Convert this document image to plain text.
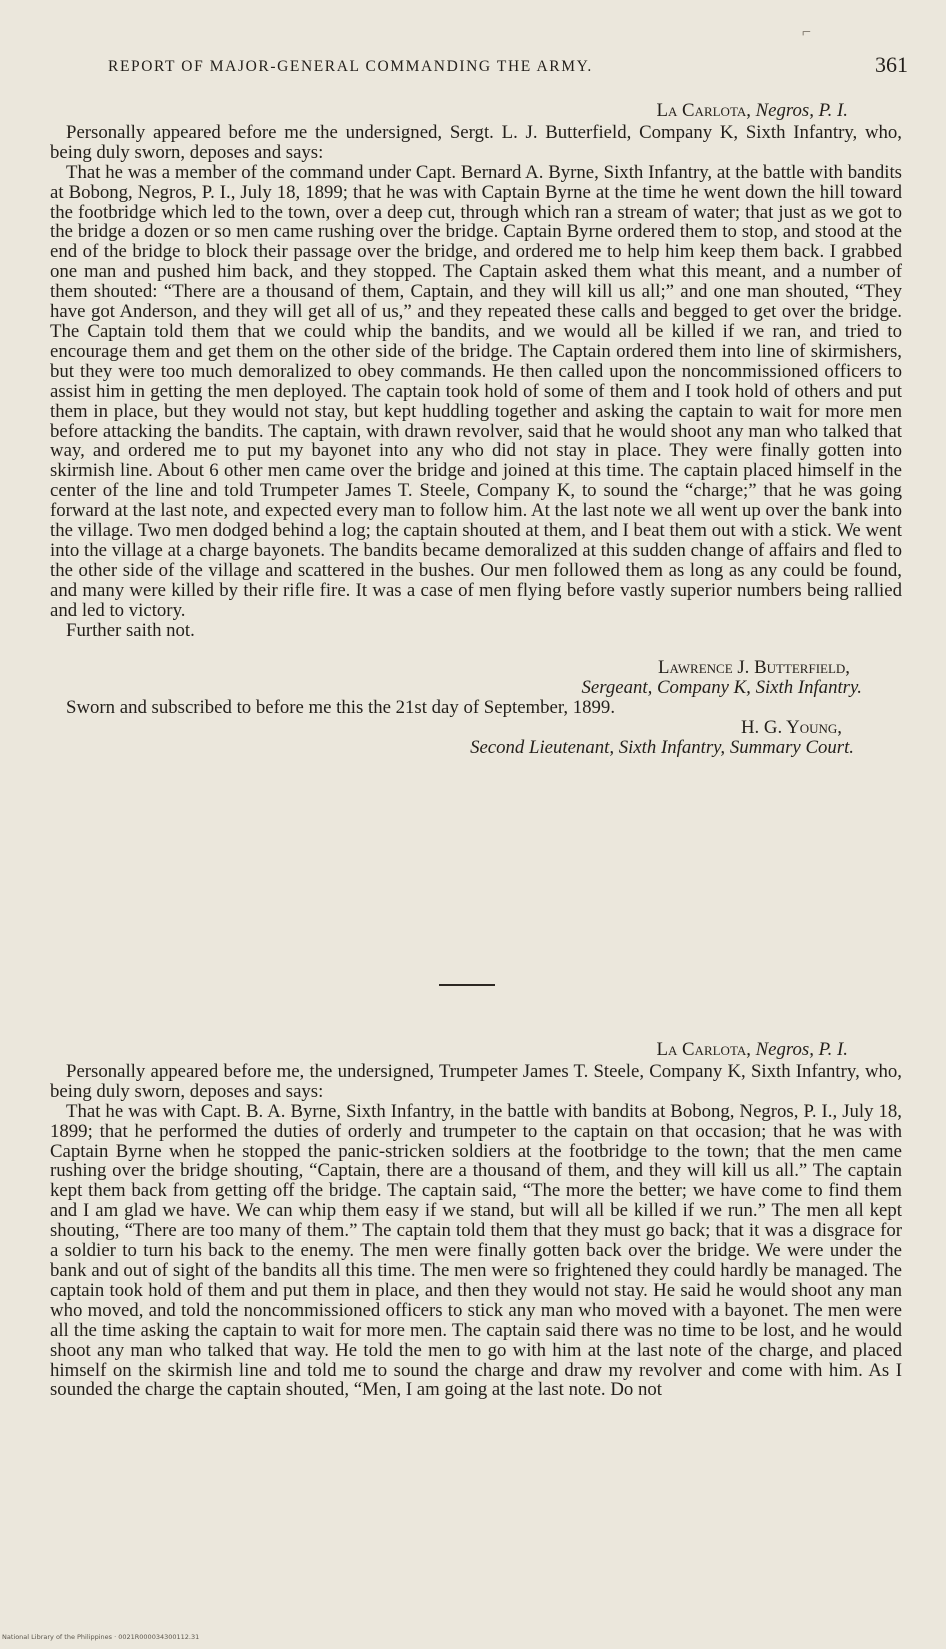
⌐
REPORT OF MAJOR-GENERAL COMMANDING THE ARMY.	361
La Carlota, Negros, P. I.

Personally appeared before me the undersigned, Sergt. L. J. Butterfield, Company K, Sixth Infantry, who, being duly sworn, deposes and says:

That he was a member of the command under Capt. Bernard A. Byrne, Sixth Infantry, at the battle with bandits at Bobong, Negros, P. I., July 18, 1899; that he was with Captain Byrne at the time he went down the hill toward the footbridge which led to the town, over a deep cut, through which ran a stream of water; that just as we got to the bridge a dozen or so men came rushing over the bridge. Captain Byrne ordered them to stop, and stood at the end of the bridge to block their passage over the bridge, and ordered me to help him keep them back. I grabbed one man and pushed him back, and they stopped. The Captain asked them what this meant, and a number of them shouted: “There are a thousand of them, Captain, and they will kill us all;” and one man shouted, “They have got Anderson, and they will get all of us,” and they repeated these calls and begged to get over the bridge. The Captain told them that we could whip the bandits, and we would all be killed if we ran, and tried to encourage them and get them on the other side of the bridge. The Captain ordered them into line of skirmishers, but they were too much demoralized to obey commands. He then called upon the noncommissioned officers to assist him in getting the men deployed. The captain took hold of some of them and I took hold of others and put them in place, but they would not stay, but kept huddling together and asking the captain to wait for more men before attacking the bandits. The captain, with drawn revolver, said that he would shoot any man who talked that way, and ordered me to put my bayonet into any who did not stay in place. They were finally gotten into skirmish line. About 6 other men came over the bridge and joined at this time. The captain placed himself in the center of the line and told Trumpeter James T. Steele, Company K, to sound the “charge;” that he was going forward at the last note, and expected every man to follow him. At the last note we all went up over the bank into the village. Two men dodged behind a log; the captain shouted at them, and I beat them out with a stick. We went into the village at a charge bayonets. The bandits became demoralized at this sudden change of affairs and fled to the other side of the village and scattered in the bushes. Our men followed them as long as any could be found, and many were killed by their rifle fire. It was a case of men flying before vastly superior numbers being rallied and led to victory.

Further saith not.

Lawrence J. Butterfield,
Sergeant, Company K, Sixth Infantry.

Sworn and subscribed to before me this the 21st day of September, 1899.

H. G. Young,
Second Lieutenant, Sixth Infantry, Summary Court.
La Carlota, Negros, P. I.

Personally appeared before me, the undersigned, Trumpeter James T. Steele, Company K, Sixth Infantry, who, being duly sworn, deposes and says:

That he was with Capt. B. A. Byrne, Sixth Infantry, in the battle with bandits at Bobong, Negros, P. I., July 18, 1899; that he performed the duties of orderly and trumpeter to the captain on that occasion; that he was with Captain Byrne when he stopped the panic-stricken soldiers at the footbridge to the town; that the men came rushing over the bridge shouting, “Captain, there are a thousand of them, and they will kill us all.” The captain kept them back from getting off the bridge. The captain said, “The more the better; we have come to find them and I am glad we have. We can whip them easy if we stand, but will all be killed if we run.” The men all kept shouting, “There are too many of them.” The captain told them that they must go back; that it was a disgrace for a soldier to turn his back to the enemy. The men were finally gotten back over the bridge. We were under the bank and out of sight of the bandits all this time. The men were so frightened they could hardly be managed. The captain took hold of them and put them in place, and then they would not stay. He said he would shoot any man who moved, and told the noncommissioned officers to stick any man who moved with a bayonet. The men were all the time asking the captain to wait for more men. The captain said there was no time to be lost, and he would shoot any man who talked that way. He told the men to go with him at the last note of the charge, and placed himself on the skirmish line and told me to sound the charge and draw my revolver and come with him. As I sounded the charge the captain shouted, “Men, I am going at the last note. Do not

National Library of the Philippines · 0021R000034300112.31
